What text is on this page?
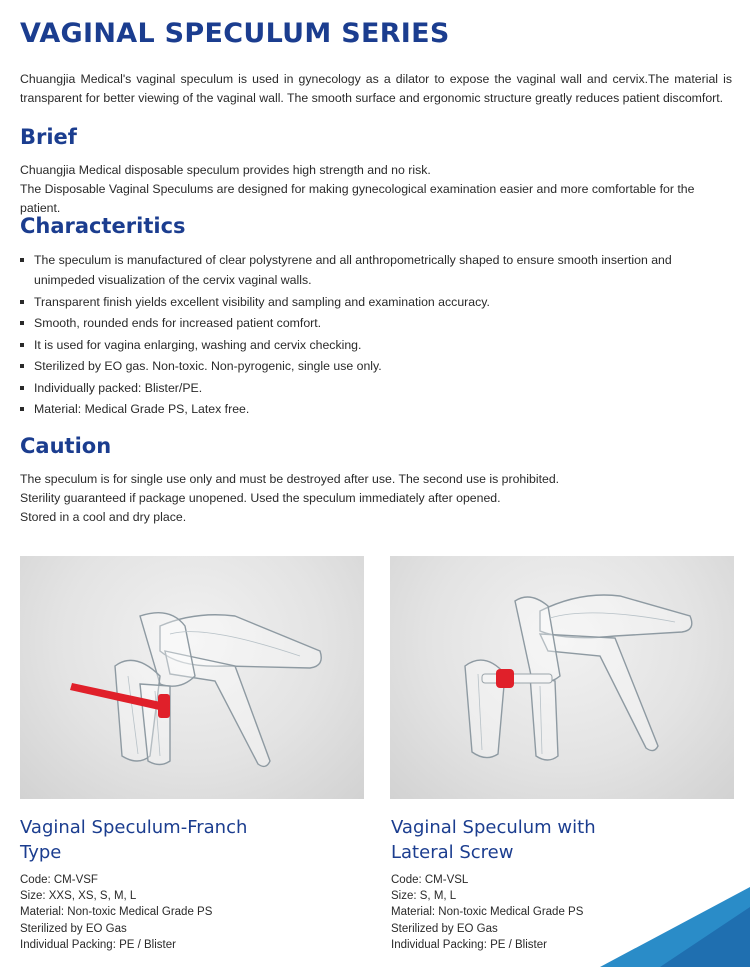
VAGINAL SPECULUM SERIES

Chuangjia Medical's vaginal speculum is used in gynecology as a dilator to expose the vaginal wall and cervix.The material is transparent for better viewing of the vaginal wall. The smooth surface and ergonomic structure greatly reduces patient discomfort.

Brief

Chuangjia Medical disposable speculum provides high strength and no risk.

The Disposable Vaginal Speculums are designed for making gynecological examination easier and more comfortable for the patient.

Characteritics
The speculum is manufactured of clear polystyrene and all anthropometrically shaped to ensure smooth insertion and unimpeded visualization of the cervix vaginal walls.
Transparent finish yields excellent visibility and sampling and examination accuracy.
Smooth, rounded ends for increased patient comfort.
It is used for vagina enlarging, washing and cervix checking.
Sterilized by EO gas. Non-toxic. Non-pyrogenic, single use only.
Individually packed: Blister/PE.
Material: Medical Grade PS, Latex free.
Caution

The speculum is for single use only and must be destroyed after use. The second use is prohibited.

Sterility guaranteed if package unopened. Used the speculum immediately after opened.

Stored in a cool and dry place.

Vaginal Speculum-Franch
Type

Code: CM-VSF

Size: XXS, XS, S, M, L

Material: Non-toxic Medical Grade PS

Sterilized by EO Gas

Individual Packing: PE / Blister

Vaginal Speculum with
Lateral Screw

Code: CM-VSL

Size: S, M, L

Material: Non-toxic Medical Grade PS

Sterilized by EO Gas

Individual Packing: PE / Blister
